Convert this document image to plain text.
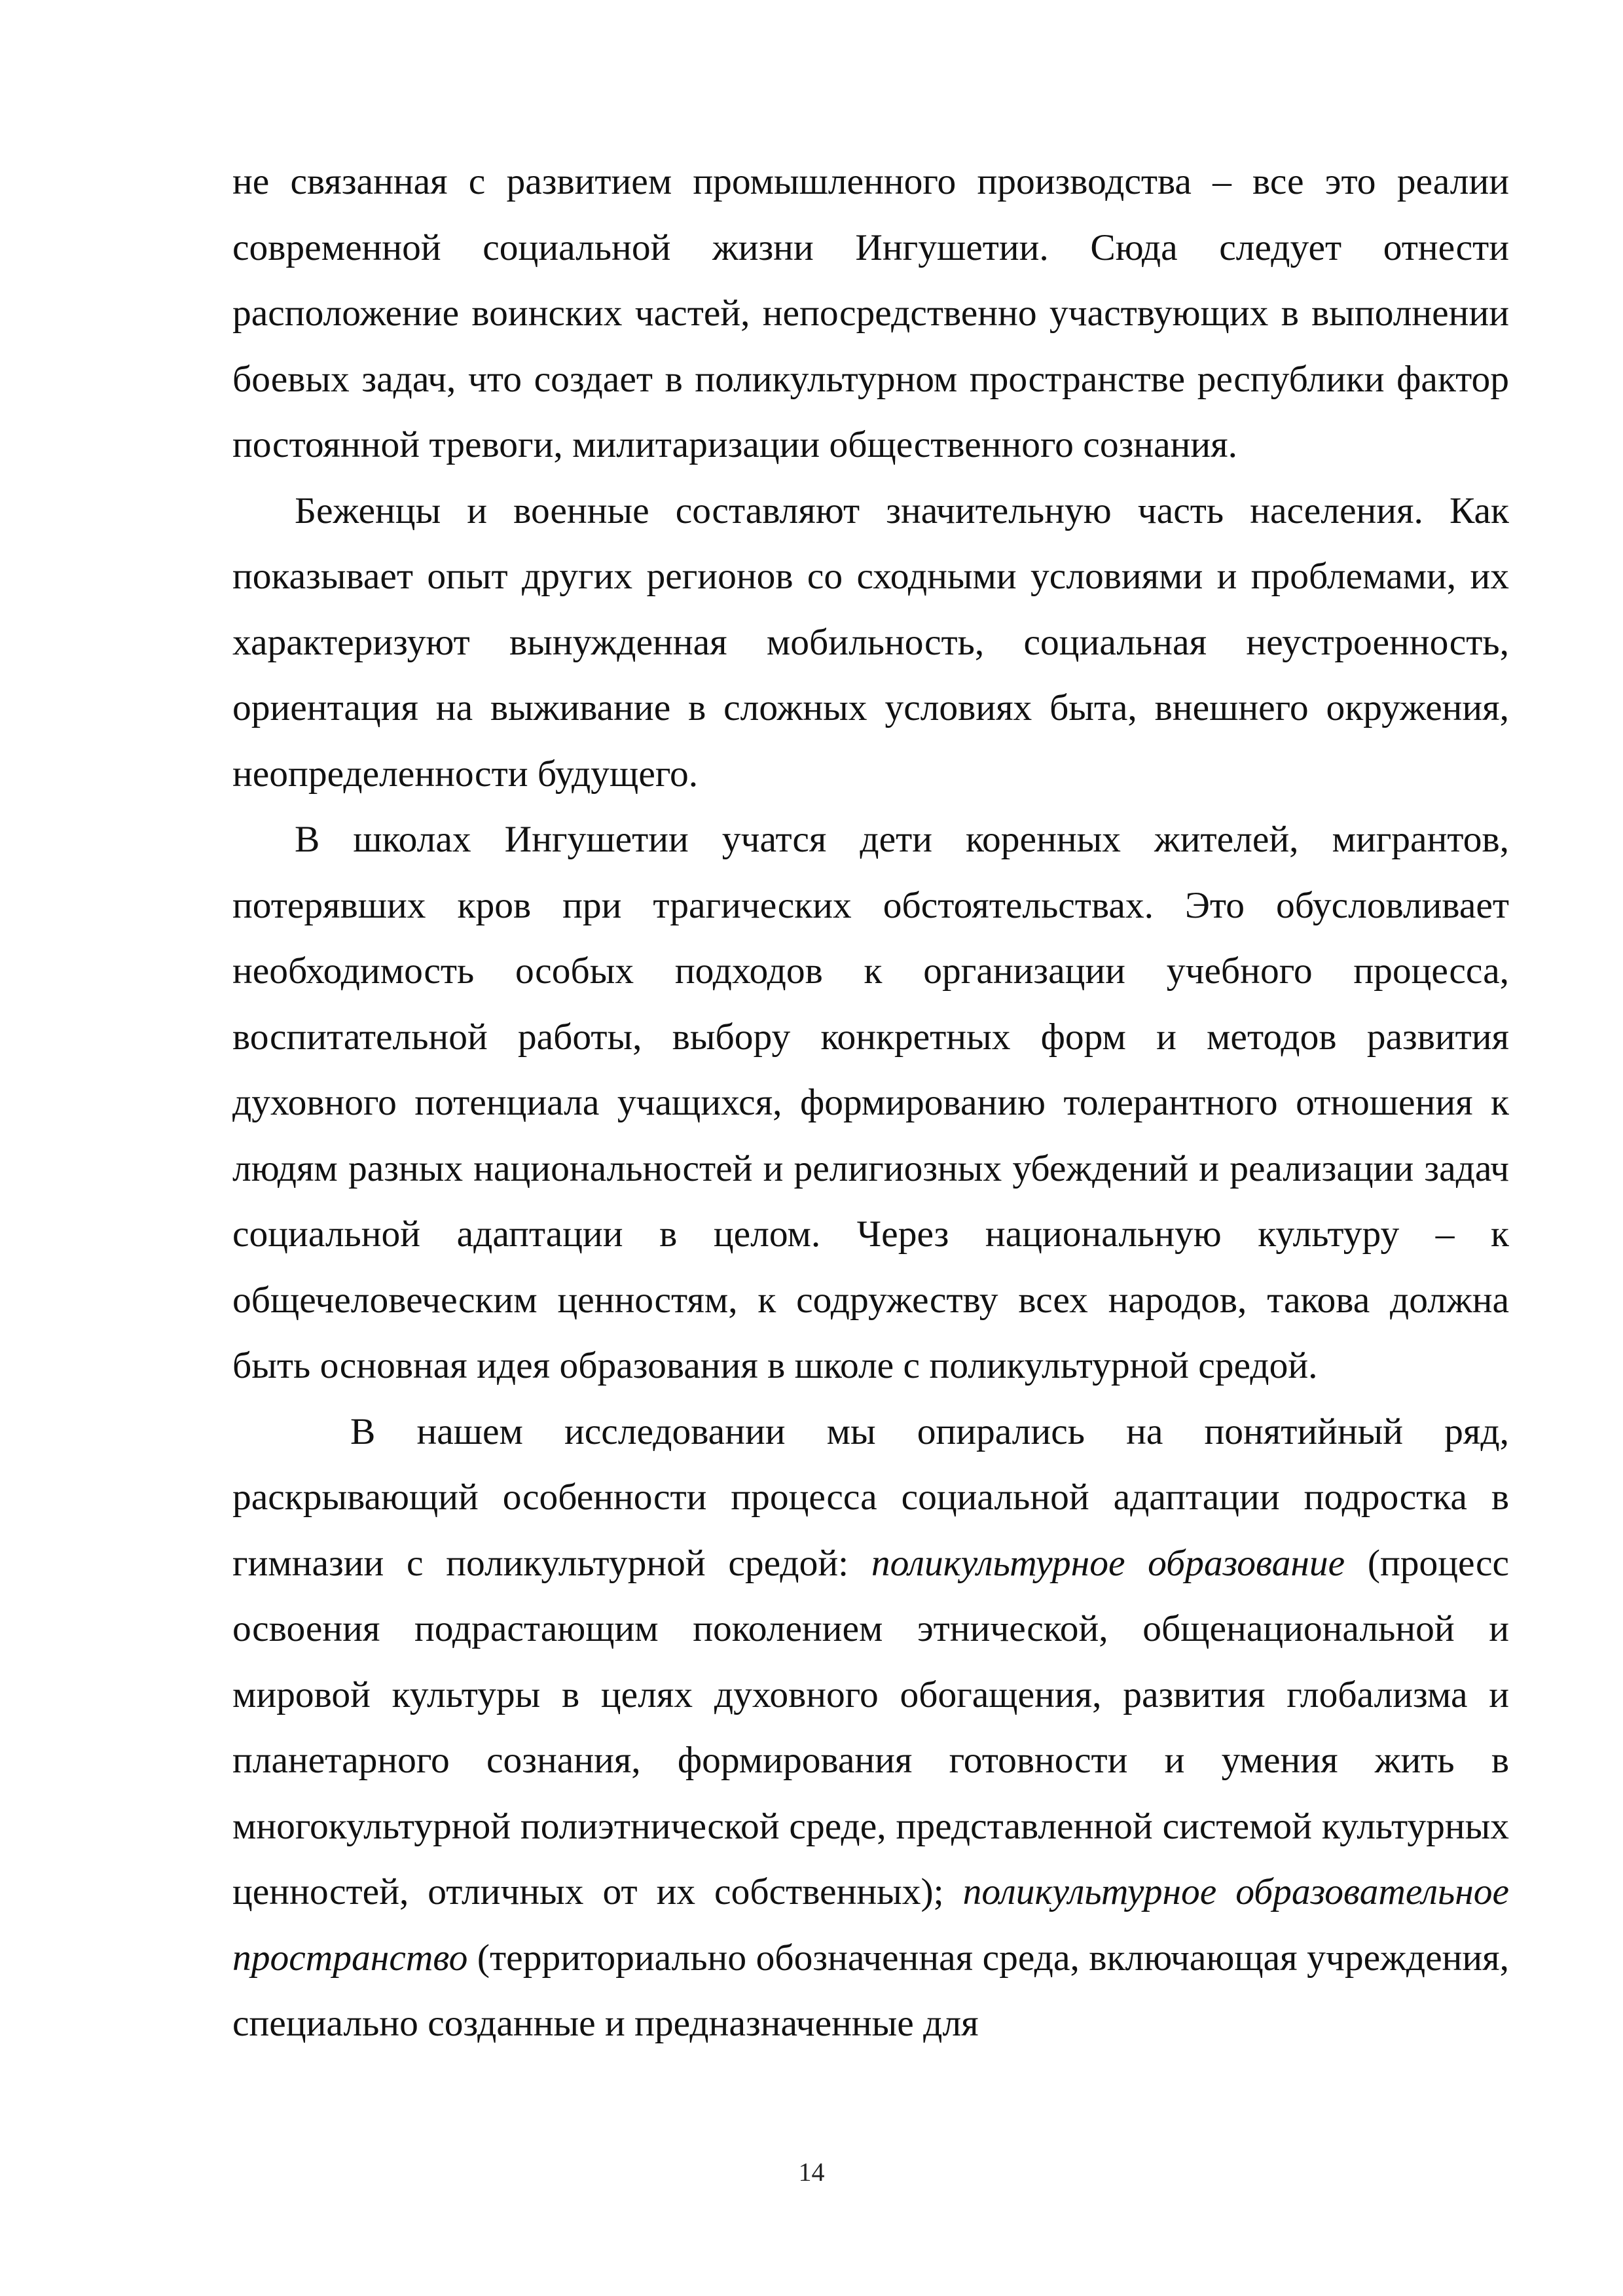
не связанная с развитием промышленного производства – все это реалии современной социальной жизни Ингушетии. Сюда следует отнести расположение воинских частей, непосредственно участвующих в выполнении боевых задач, что создает в поликультурном пространстве республики фактор постоянной тревоги, милитаризации общественного сознания.

Беженцы и военные составляют значительную часть населения. Как показывает опыт других регионов со сходными условиями и проблемами, их характеризуют вынужденная мобильность, социальная неустроенность, ориентация на выживание в сложных условиях быта, внешнего окружения, неопределенности будущего.

В школах Ингушетии учатся дети коренных жителей, мигрантов, потерявших кров при трагических обстоятельствах. Это обусловливает необходимость особых подходов к организации учебного процесса, воспитательной работы, выбору конкретных форм и методов развития духовного потенциала учащихся, формированию толерантного отношения к людям разных национальностей и религиозных убеждений и реализации задач социальной адаптации в целом. Через национальную культуру – к общечеловеческим ценностям, к содружеству всех народов, такова должна быть основная идея образования в школе с поликультурной средой.

В нашем исследовании мы опирались на понятийный ряд, раскрывающий особенности процесса социальной адаптации подростка в гимназии с поликультурной средой: поликультурное образование (процесс освоения подрастающим поколением этнической, общенациональной и мировой культуры в целях духовного обогащения, развития глобализма и планетарного сознания, формирования готовности и умения жить в многокультурной полиэтнической среде, представленной системой культурных ценностей, отличных от их собственных); поликультурное образовательное пространство (территориально обозначенная среда, включающая учреждения, специально созданные и предназначенные для

14
